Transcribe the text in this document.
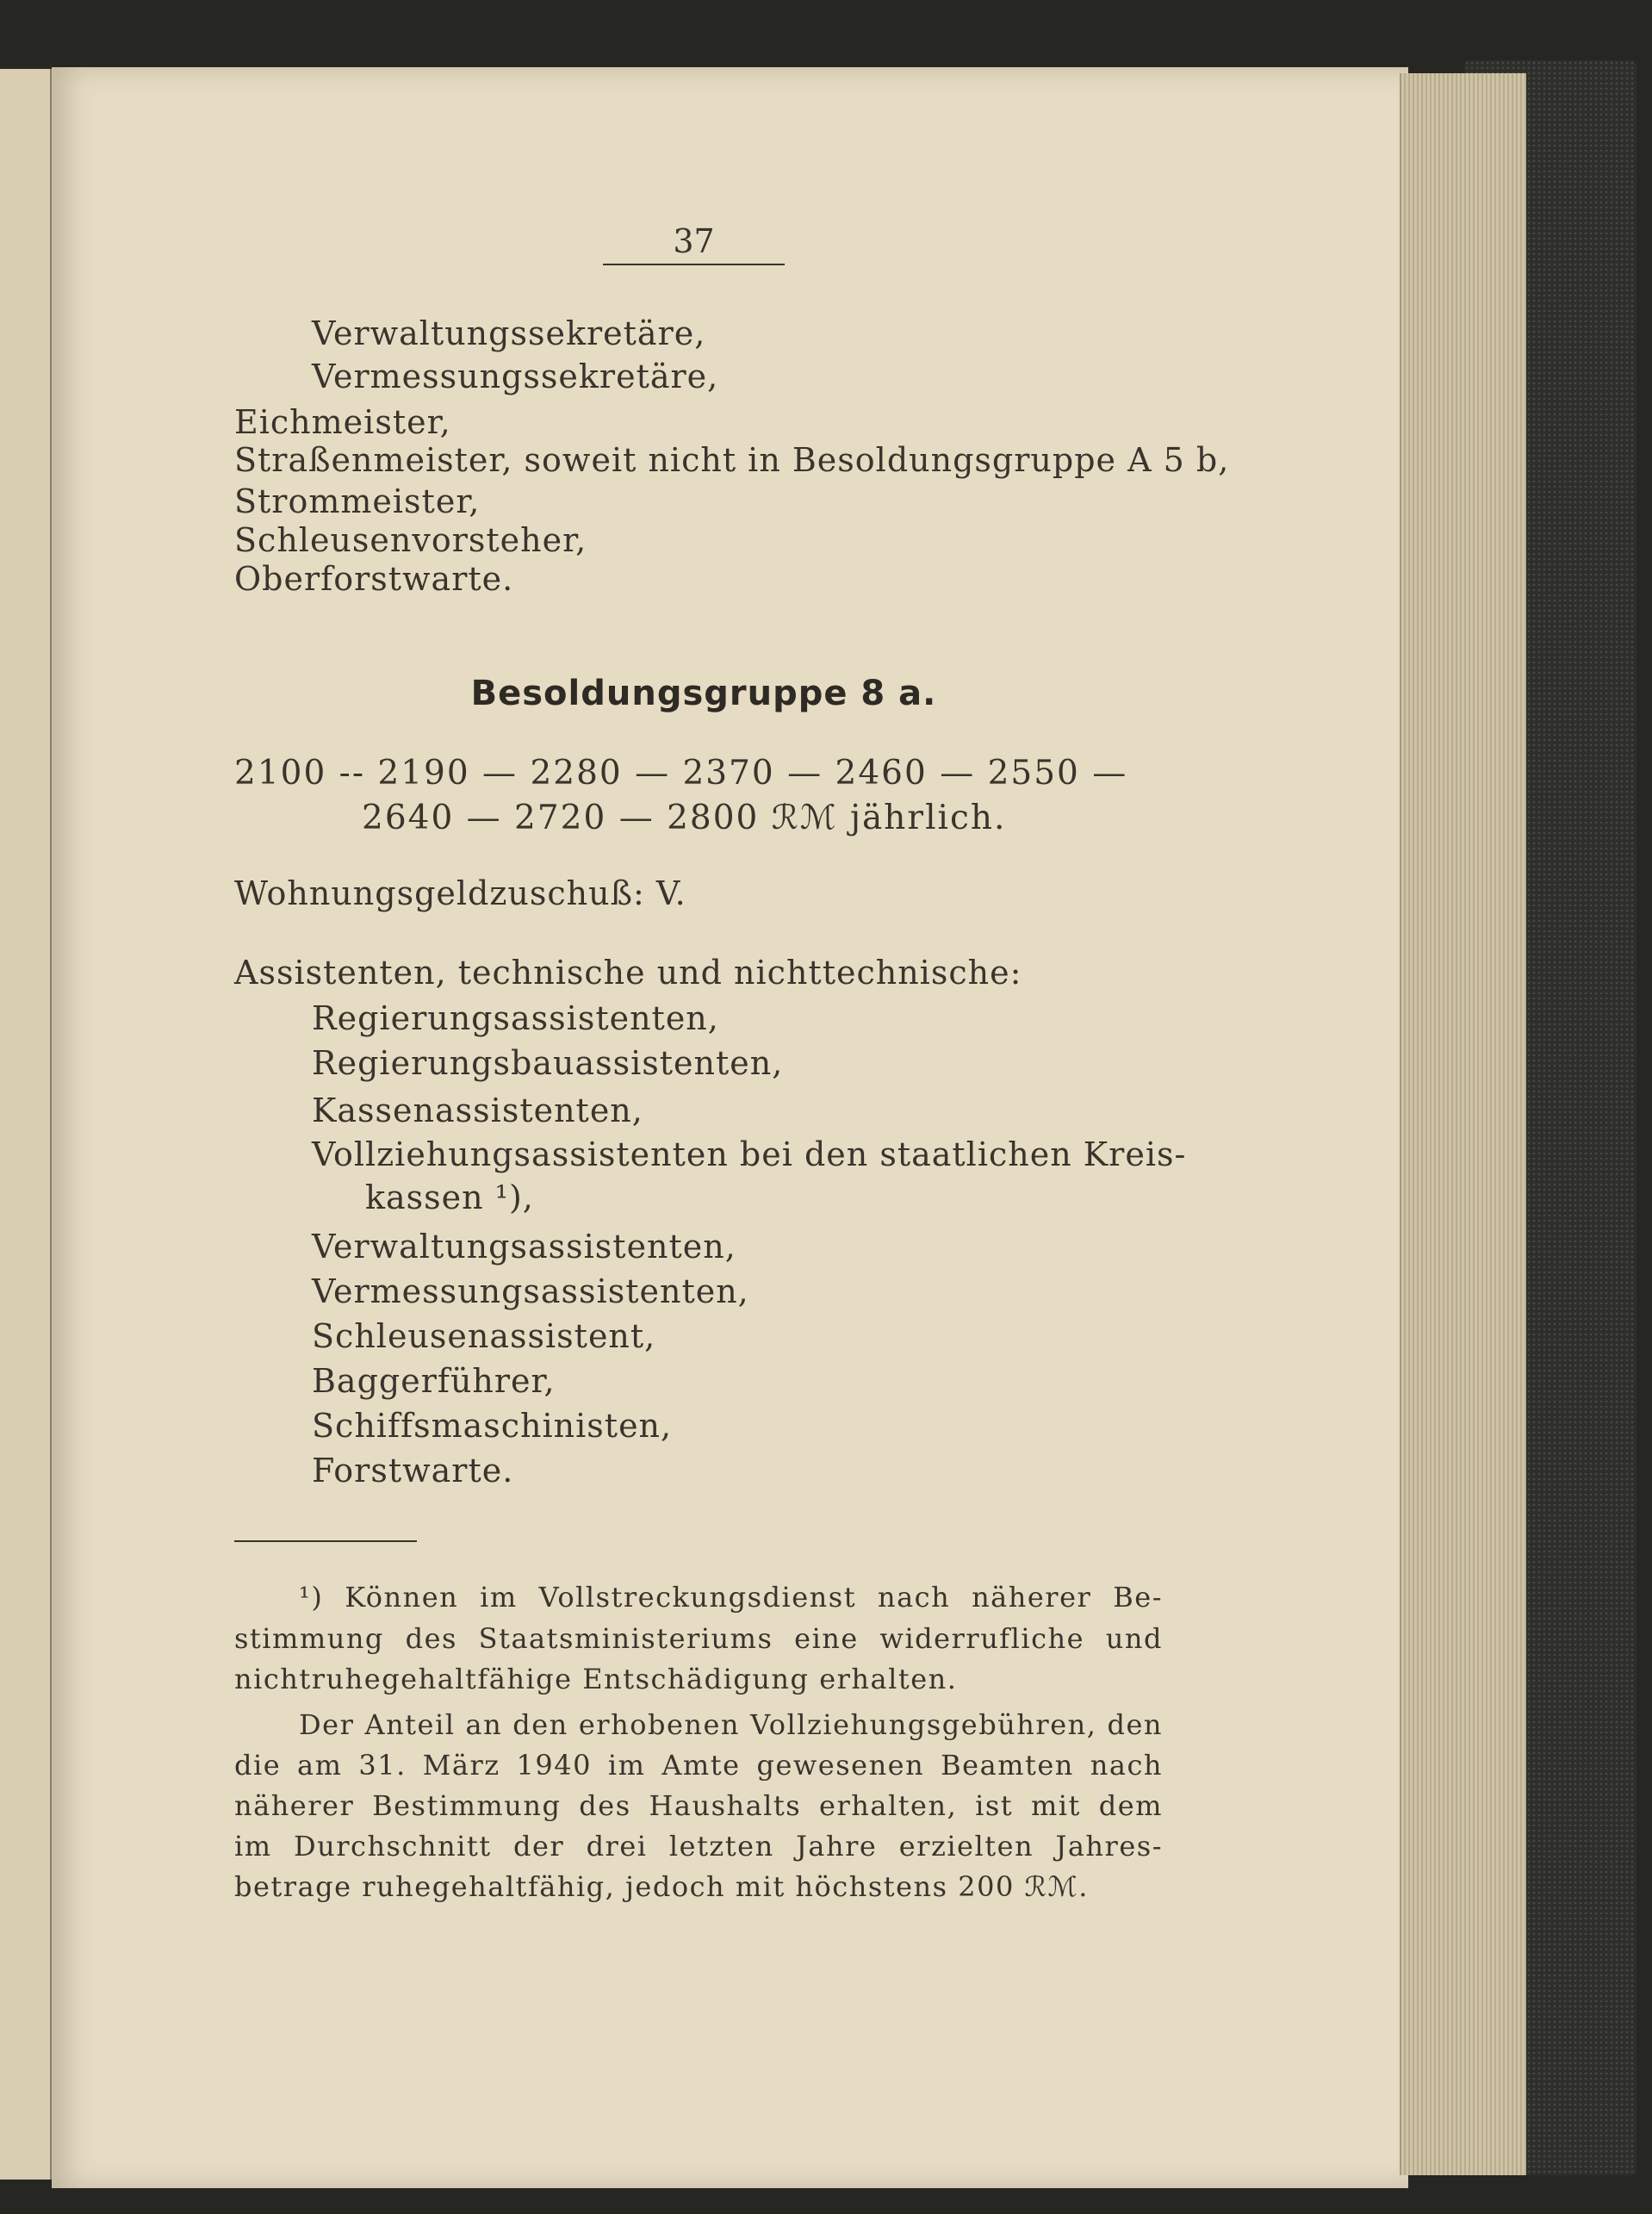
37
Verwaltungssekretäre,
Vermessungssekretäre,
Eichmeister,
Straßenmeister, soweit nicht in Besoldungsgruppe A 5 b,
Strommeister,
Schleusenvorsteher,
Oberforstwarte.
Besoldungsgruppe 8 a.
2100 -- 2190 — 2280 — 2370 — 2460 — 2550 —
2640 — 2720 — 2800 ℛℳ jährlich.
Wohnungsgeldzuschuß: V.
Assistenten, technische und nichttechnische:
Regierungsassistenten,
Regierungsbauassistenten,
Kassenassistenten,
Vollziehungsassistenten bei den staatlichen Kreis-
kassen ¹),
Verwaltungsassistenten,
Vermessungsassistenten,
Schleusenassistent,
Baggerführer,
Schiffsmaschinisten,
Forstwarte.
¹) Können im Vollstreckungsdienst nach näherer Be-
stimmung des Staatsministeriums eine widerrufliche und
nichtruhegehaltfähige Entschädigung erhalten.
Der Anteil an den erhobenen Vollziehungsgebühren, den
die am 31. März 1940 im Amte gewesenen Beamten nach
näherer Bestimmung des Haushalts erhalten, ist mit dem
im Durchschnitt der drei letzten Jahre erzielten Jahres-
betrage ruhegehaltfähig, jedoch mit höchstens 200 ℛℳ.
